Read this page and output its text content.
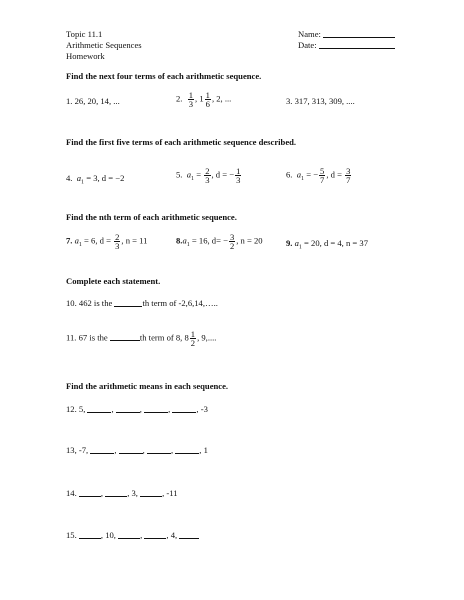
Topic 11.1
Arithmetic Sequences
Homework
Name:
Date:
Find the next four terms of each arithmetic sequence.
1. 26, 20, 14, ...	2. $\frac{1}{3}$ , $1 \frac{1}{6}$ , 2, ...	3. 317, 313, 309, ....
Find the first five terms of each arithmetic sequence described.
4. $a_1 = 3$, d = −2	5. $a_1 = \frac{2}{3}$ , d = − $\frac{1}{3}$	6. $a_1$ = − $\frac{5}{7}$ , $d = \frac{3}{7}$
Find the nth term of each arithmetic sequence.
7. $a_1 = 6$, $d = \frac{2}{3}$ , n = 11	$8.a_1 = 16$, $d= - \frac{3}{2}$ , n = 20	9. $a_1 = 20$, d = 4, n = 37
Complete each statement.
10. 462 is the	th term of -2,6,14,…..
11. 67 is the	th term of 8, $8 \frac{1}{2}$ , 9,....
Find the arithmetic means in each sequence.
12. 5,	,	,	,	, -3
13, -7,	,	,	,	, 1
14.	,	, 3,	, -11
15.	, 10,	,	, 4,
